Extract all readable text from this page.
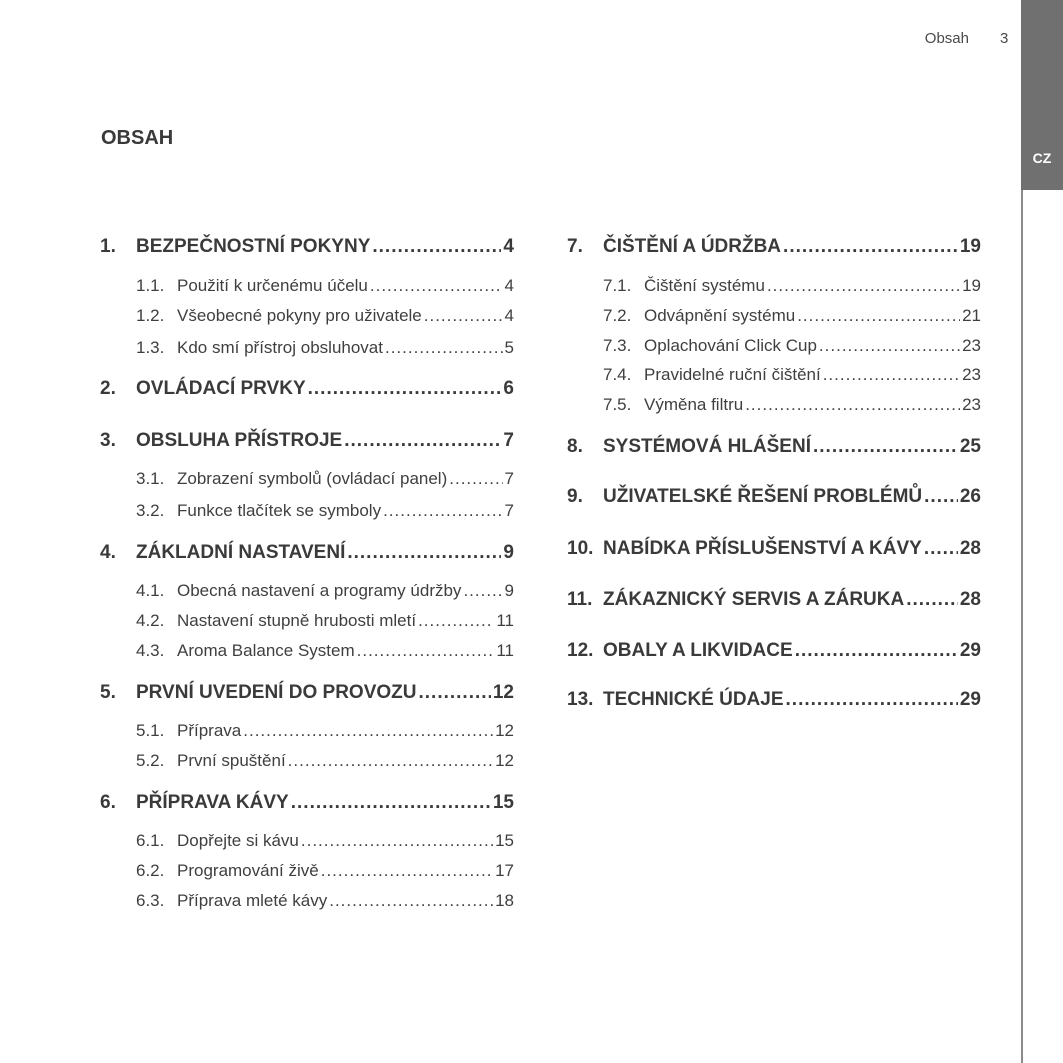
Obsah 3
CZ
OBSAH
1.	BEZPEČNOSTNÍ POKYNY .....	4
1.1. Použití k určenému účelu .....	4
1.2. Všeobecné pokyny pro uživatele .....	4
1.3. Kdo smí přístroj obsluhovat .....	5
2.	OVLÁDACÍ PRVKY .....	6
3.	OBSLUHA PŘÍSTROJE .....	7
3.1. Zobrazení symbolů (ovládací panel) .....	7
3.2. Funkce tlačítek se symboly .....	7
4.	ZÁKLADNÍ NASTAVENÍ .....	9
4.1. Obecná nastavení a programy údržby .....	9
4.2. Nastavení stupně hrubosti mletí .....	11
4.3. Aroma Balance System .....	11
5.	PRVNÍ UVEDENÍ DO PROVOZU .....	12
5.1. Příprava .....	12
5.2. První spuštění .....	12
6.	PŘÍPRAVA KÁVY .....	15
6.1. Dopřejte si kávu .....	15
6.2. Programování živě .....	17
6.3. Příprava mleté kávy .....	18
7.	ČIŠTĚNÍ A ÚDRŽBA .....	19
7.1. Čištění systému .....	19
7.2. Odvápnění systému .....	21
7.3. Oplachování Click Cup .....	23
7.4. Pravidelné ruční čištění .....	23
7.5. Výměna filtru .....	23
8.	SYSTÉMOVÁ HLÁŠENÍ .....	25
9.	UŽIVATELSKÉ ŘEŠENÍ PROBLÉMŮ ..... 26
10. NABÍDKA PŘÍSLUŠENSTVÍ A KÁVY ..... 28
11. ZÁKAZNICKÝ SERVIS A ZÁRUKA .....	28
12. OBALY A LIKVIDACE .....	29
13. TECHNICKÉ ÚDAJE .....	29
